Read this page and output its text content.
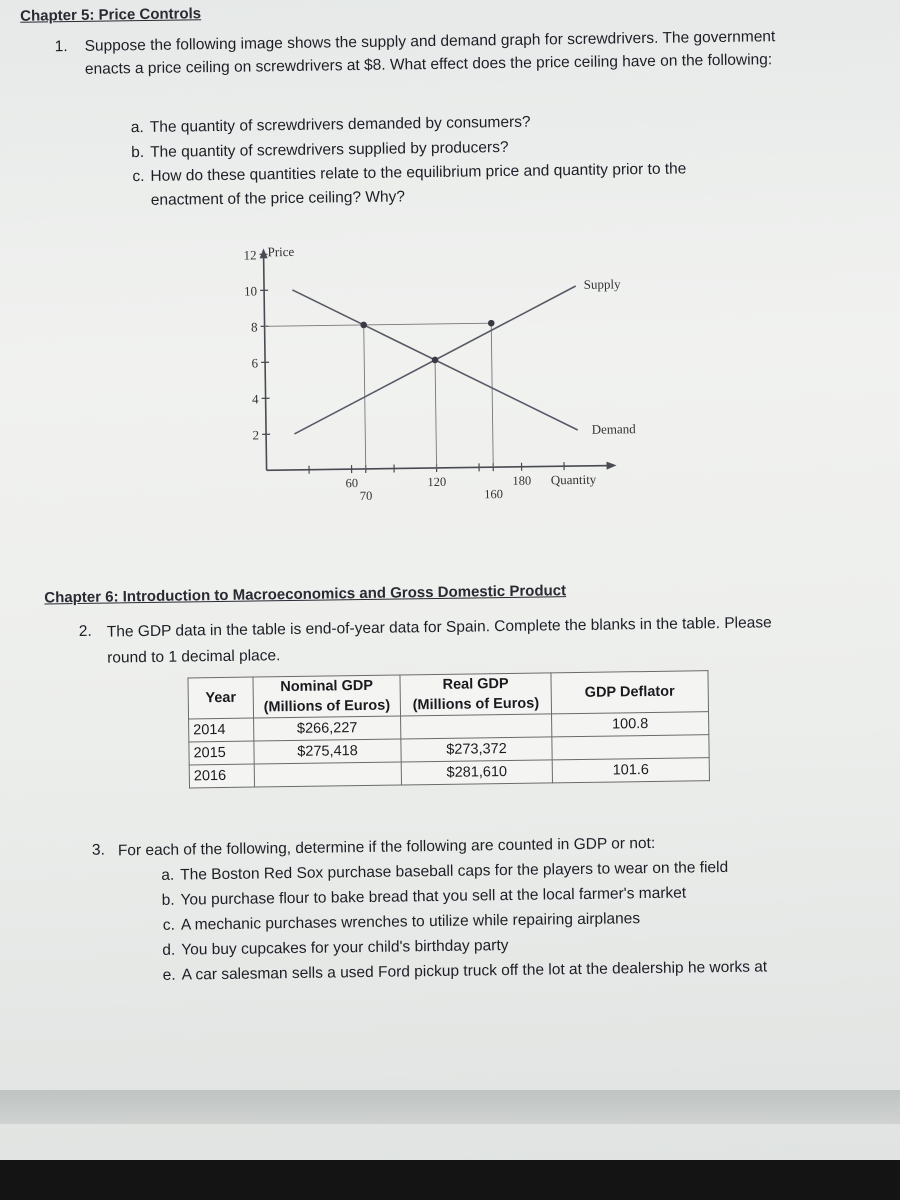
Chapter 5: Price Controls
1. Suppose the following image shows the supply and demand graph for screwdrivers. The government enacts a price ceiling on screwdrivers at $8. What effect does the price ceiling have on the following:
a. The quantity of screwdrivers demanded by consumers?
b. The quantity of screwdrivers supplied by producers?
c. How do these quantities relate to the equilibrium price and quantity prior to the
enactment of the price ceiling? Why?
12
10
8
6
4
2
60	120	180
70	160
Supply
Demand
Price
Quantity
Chapter 6: Introduction to Macroeconomics and Gross Domestic Product
2. The GDP data in the table is end-of-year data for Spain. Complete the blanks in the table. Please
round to 1 decimal place.
Year	Nominal GDP	Real GDP	GDP Deflator
	(Millions of Euros)	(Millions of Euros)	
2014	$266,227		100.8
2015	$275,418	$273,372	
2016		$281,610	101.6
3. For each of the following, determine if the following are counted in GDP or not:
a. The Boston Red Sox purchase baseball caps for the players to wear on the field
b. You purchase flour to bake bread that you sell at the local farmer's market
c. A mechanic purchases wrenches to utilize while repairing airplanes
d. You buy cupcakes for your child's birthday party
e. A car salesman sells a used Ford pickup truck off the lot at the dealership he works at
